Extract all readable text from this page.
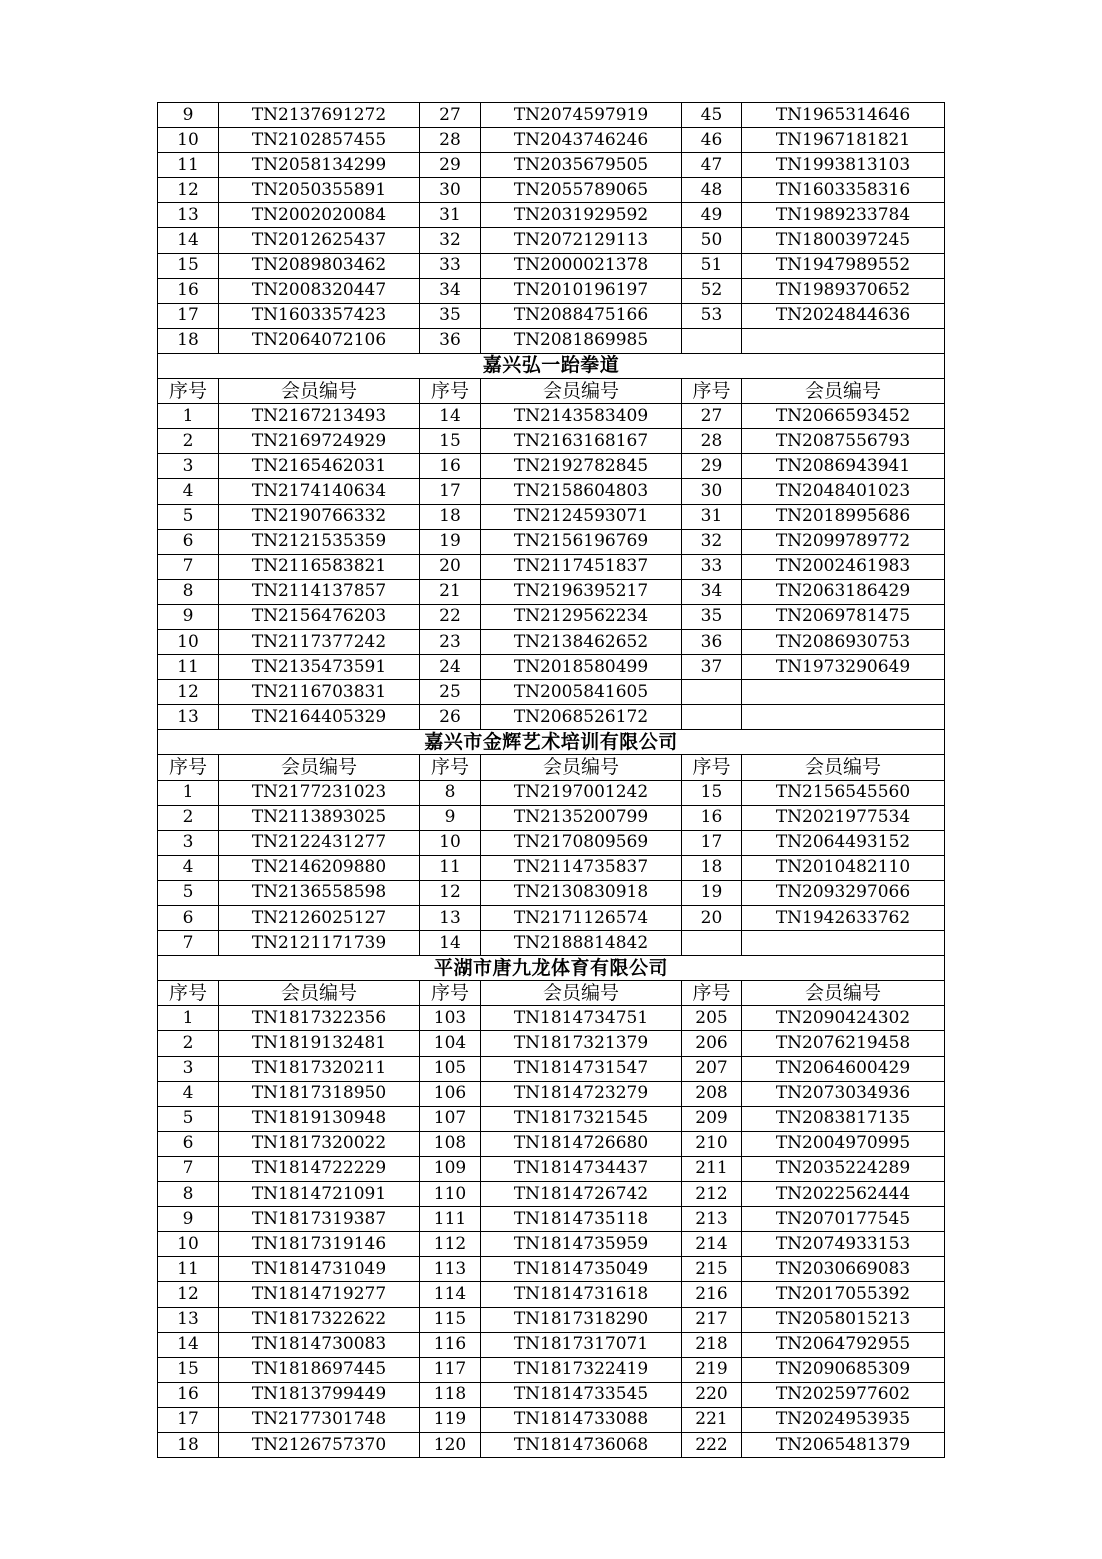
9	TN2137691272	27	TN2074597919	45	TN1965314646
10	TN2102857455	28	TN2043746246	46	TN1967181821
11	TN2058134299	29	TN2035679505	47	TN1993813103
12	TN2050355891	30	TN2055789065	48	TN1603358316
13	TN2002020084	31	TN2031929592	49	TN1989233784
14	TN2012625437	32	TN2072129113	50	TN1800397245
15	TN2089803462	33	TN2000021378	51	TN1947989552
16	TN2008320447	34	TN2010196197	52	TN1989370652
17	TN1603357423	35	TN2088475166	53	TN2024844636
18	TN2064072106	36	TN2081869985		
嘉兴弘一跆拳道					
序号	会员编号	序号	会员编号	序号	会员编号
1	TN2167213493	14	TN2143583409	27	TN2066593452
2	TN2169724929	15	TN2163168167	28	TN2087556793
3	TN2165462031	16	TN2192782845	29	TN2086943941
4	TN2174140634	17	TN2158604803	30	TN2048401023
5	TN2190766332	18	TN2124593071	31	TN2018995686
6	TN2121535359	19	TN2156196769	32	TN2099789772
7	TN2116583821	20	TN2117451837	33	TN2002461983
8	TN2114137857	21	TN2196395217	34	TN2063186429
9	TN2156476203	22	TN2129562234	35	TN2069781475
10	TN2117377242	23	TN2138462652	36	TN2086930753
11	TN2135473591	24	TN2018580499	37	TN1973290649
12	TN2116703831	25	TN2005841605		
13	TN2164405329	26	TN2068526172		
嘉兴市金辉艺术培训有限公司					
序号	会员编号	序号	会员编号	序号	会员编号
1	TN2177231023	8	TN2197001242	15	TN2156545560
2	TN2113893025	9	TN2135200799	16	TN2021977534
3	TN2122431277	10	TN2170809569	17	TN2064493152
4	TN2146209880	11	TN2114735837	18	TN2010482110
5	TN2136558598	12	TN2130830918	19	TN2093297066
6	TN2126025127	13	TN2171126574	20	TN1942633762
7	TN2121171739	14	TN2188814842		
平湖市唐九龙体育有限公司					
序号	会员编号	序号	会员编号	序号	会员编号
1	TN1817322356	103	TN1814734751	205	TN2090424302
2	TN1819132481	104	TN1817321379	206	TN2076219458
3	TN1817320211	105	TN1814731547	207	TN2064600429
4	TN1817318950	106	TN1814723279	208	TN2073034936
5	TN1819130948	107	TN1817321545	209	TN2083817135
6	TN1817320022	108	TN1814726680	210	TN2004970995
7	TN1814722229	109	TN1814734437	211	TN2035224289
8	TN1814721091	110	TN1814726742	212	TN2022562444
9	TN1817319387	111	TN1814735118	213	TN2070177545
10	TN1817319146	112	TN1814735959	214	TN2074933153
11	TN1814731049	113	TN1814735049	215	TN2030669083
12	TN1814719277	114	TN1814731618	216	TN2017055392
13	TN1817322622	115	TN1817318290	217	TN2058015213
14	TN1814730083	116	TN1817317071	218	TN2064792955
15	TN1818697445	117	TN1817322419	219	TN2090685309
16	TN1813799449	118	TN1814733545	220	TN2025977602
17	TN2177301748	119	TN1814733088	221	TN2024953935
18	TN2126757370	120	TN1814736068	222	TN2065481379
